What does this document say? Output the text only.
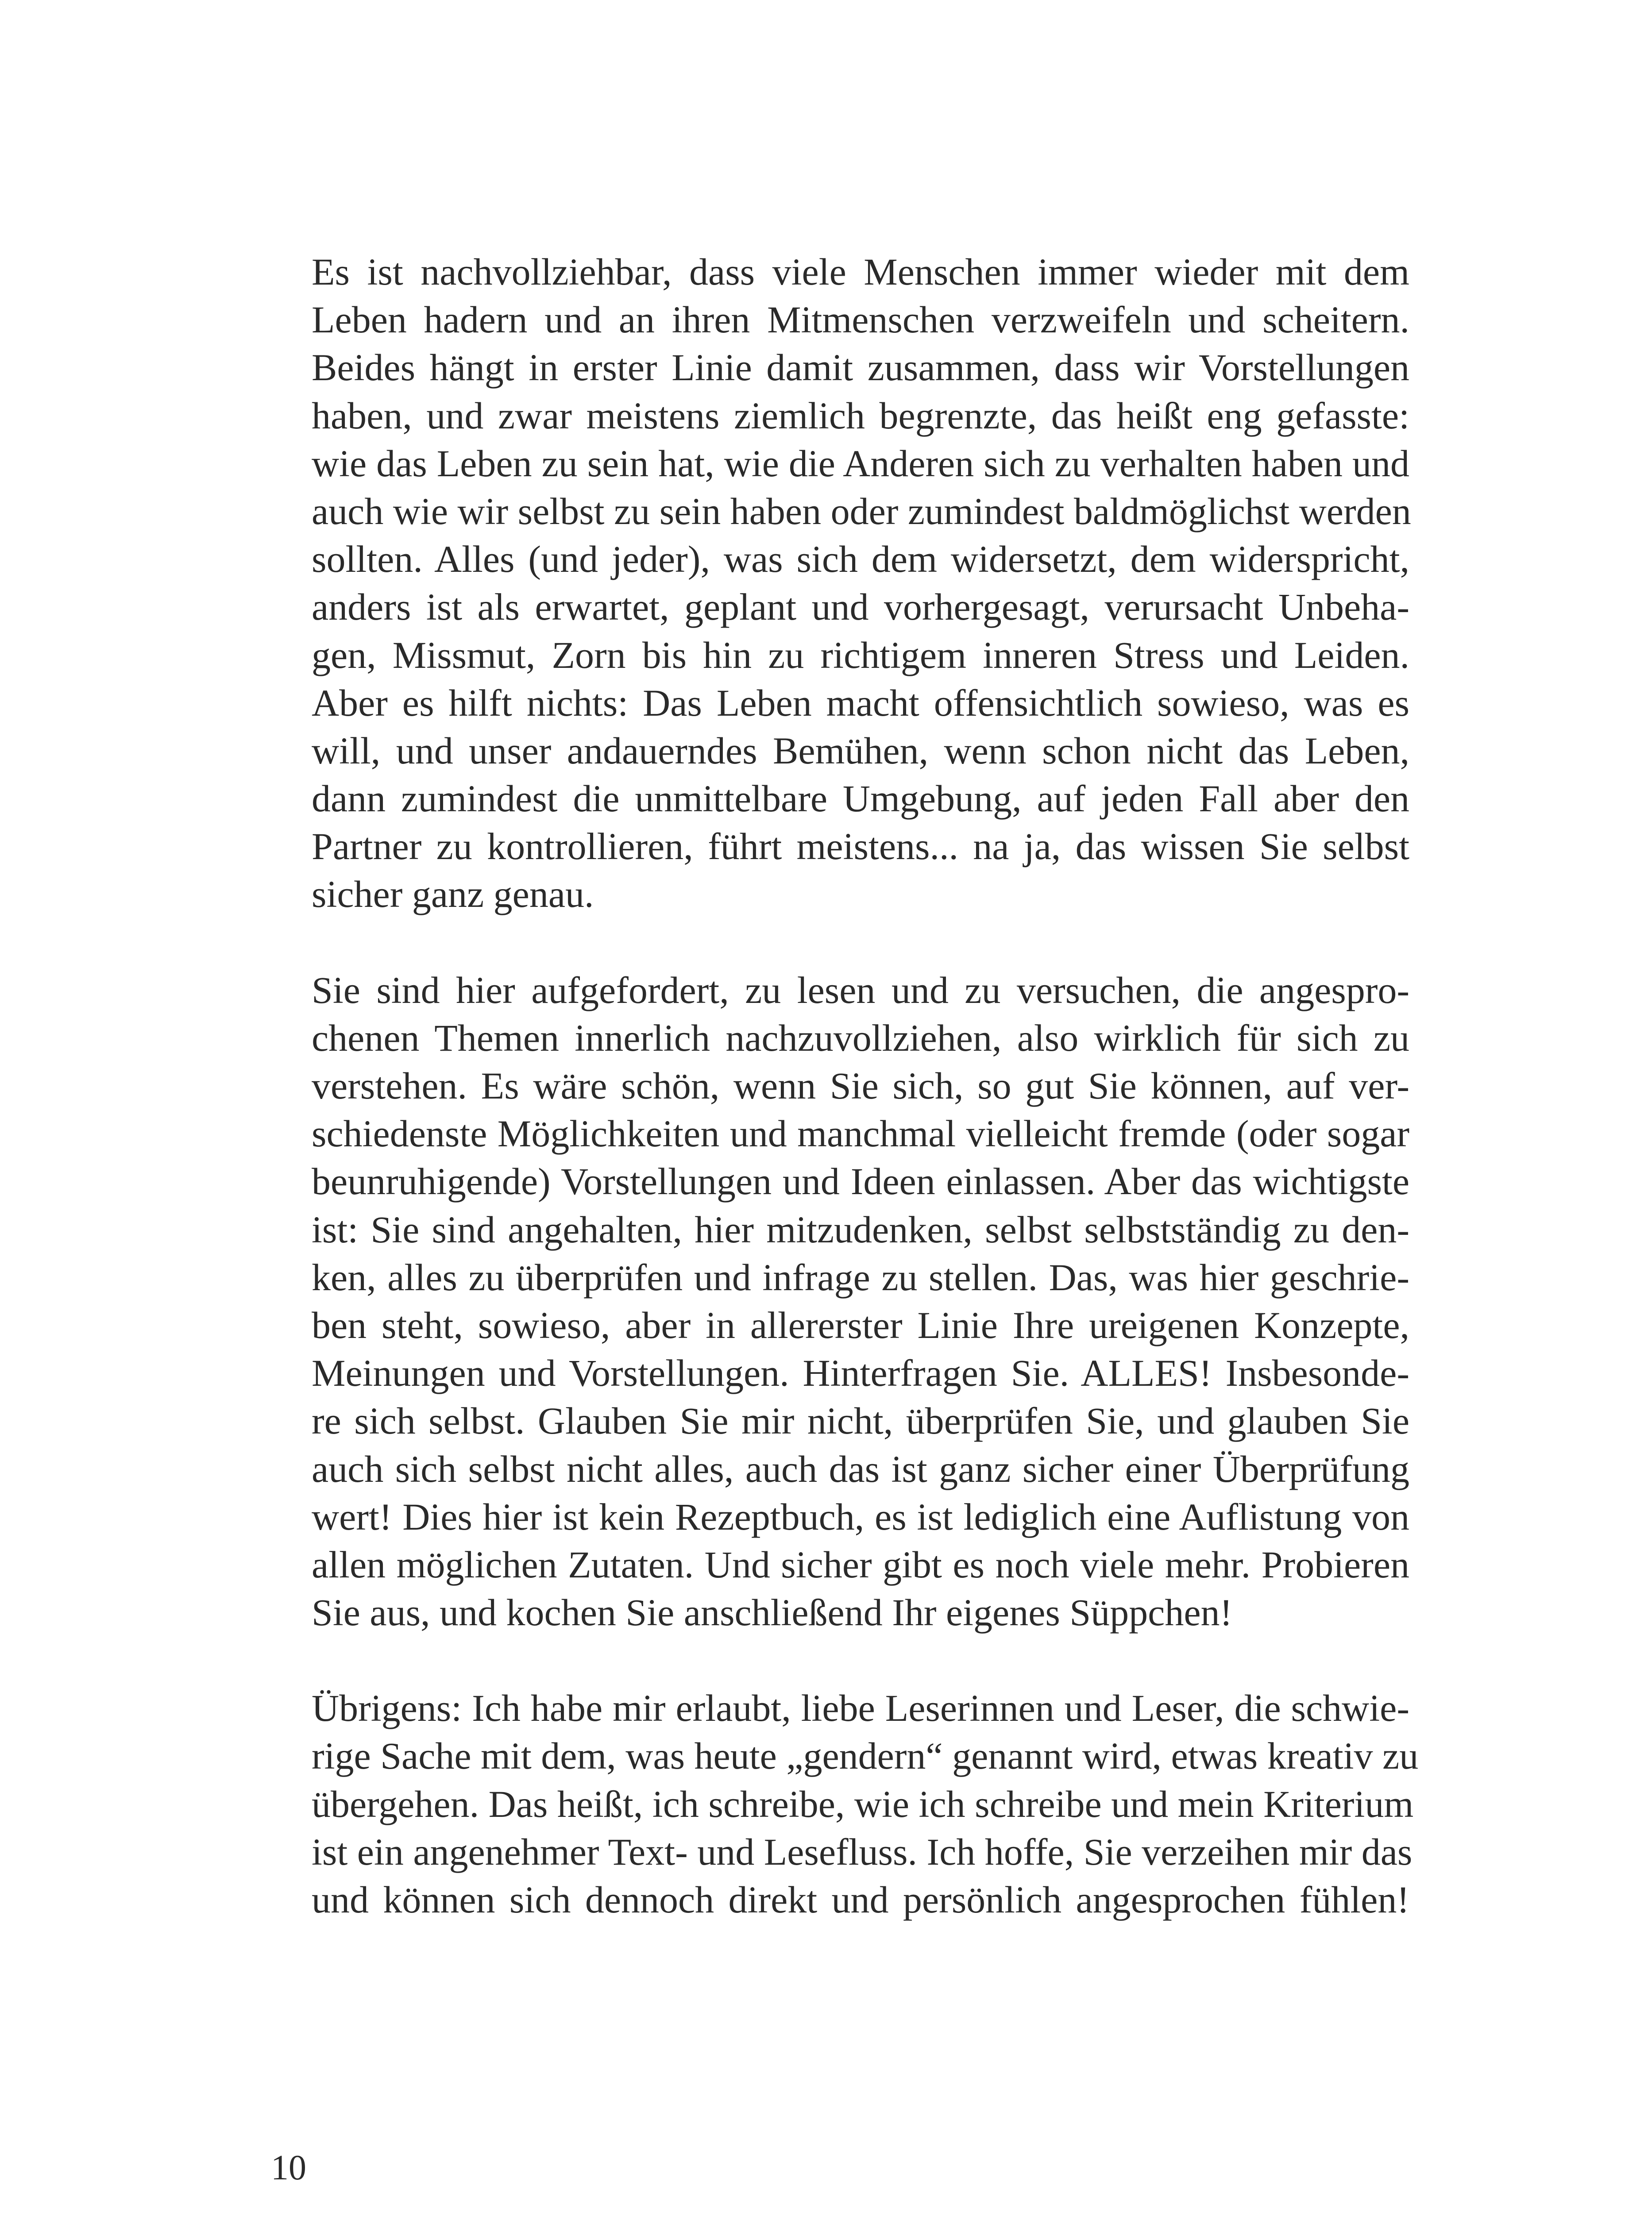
Es ist nachvollziehbar, dass viele Menschen immer wieder mit dem
Leben hadern und an ihren Mitmenschen verzweifeln und scheitern.
Beides hängt in erster Linie damit zusammen, dass wir Vorstellungen
haben, und zwar meistens ziemlich begrenzte, das heißt eng gefasste:
wie das Leben zu sein hat, wie die Anderen sich zu verhalten haben und
auch wie wir selbst zu sein haben oder zumindest baldmöglichst werden
sollten. Alles (und jeder), was sich dem widersetzt, dem widerspricht,
anders ist als erwartet, geplant und vorhergesagt, verursacht Unbeha-
gen, Missmut, Zorn bis hin zu richtigem inneren Stress und Leiden.
Aber es hilft nichts: Das Leben macht offensichtlich sowieso, was es
will, und unser andauerndes Bemühen, wenn schon nicht das Leben,
dann zumindest die unmittelbare Umgebung, auf jeden Fall aber den
Partner zu kontrollieren, führt meistens... na ja, das wissen Sie selbst
sicher ganz genau.
Sie sind hier aufgefordert, zu lesen und zu versuchen, die angespro-
chenen Themen innerlich nachzuvollziehen, also wirklich für sich zu
verstehen. Es wäre schön, wenn Sie sich, so gut Sie können, auf ver-
schiedenste Möglichkeiten und manchmal vielleicht fremde (oder sogar
beunruhigende) Vorstellungen und Ideen einlassen. Aber das wichtigste
ist: Sie sind angehalten, hier mitzudenken, selbst selbstständig zu den-
ken, alles zu überprüfen und infrage zu stellen. Das, was hier geschrie-
ben steht, sowieso, aber in allererster Linie Ihre ureigenen Konzepte,
Meinungen und Vorstellungen. Hinterfragen Sie. ALLES! Insbesonde-
re sich selbst. Glauben Sie mir nicht, überprüfen Sie, und glauben Sie
auch sich selbst nicht alles, auch das ist ganz sicher einer Überprüfung
wert! Dies hier ist kein Rezeptbuch, es ist lediglich eine Auflistung von
allen möglichen Zutaten. Und sicher gibt es noch viele mehr. Probieren
Sie aus, und kochen Sie anschließend Ihr eigenes Süppchen!
Übrigens: Ich habe mir erlaubt, liebe Leserinnen und Leser, die schwie-
rige Sache mit dem, was heute „gendern“ genannt wird, etwas kreativ zu
übergehen. Das heißt, ich schreibe, wie ich schreibe und mein Kriterium
ist ein angenehmer Text- und Lesefluss. Ich hoffe, Sie verzeihen mir das
und können sich dennoch direkt und persönlich angesprochen fühlen!
10
